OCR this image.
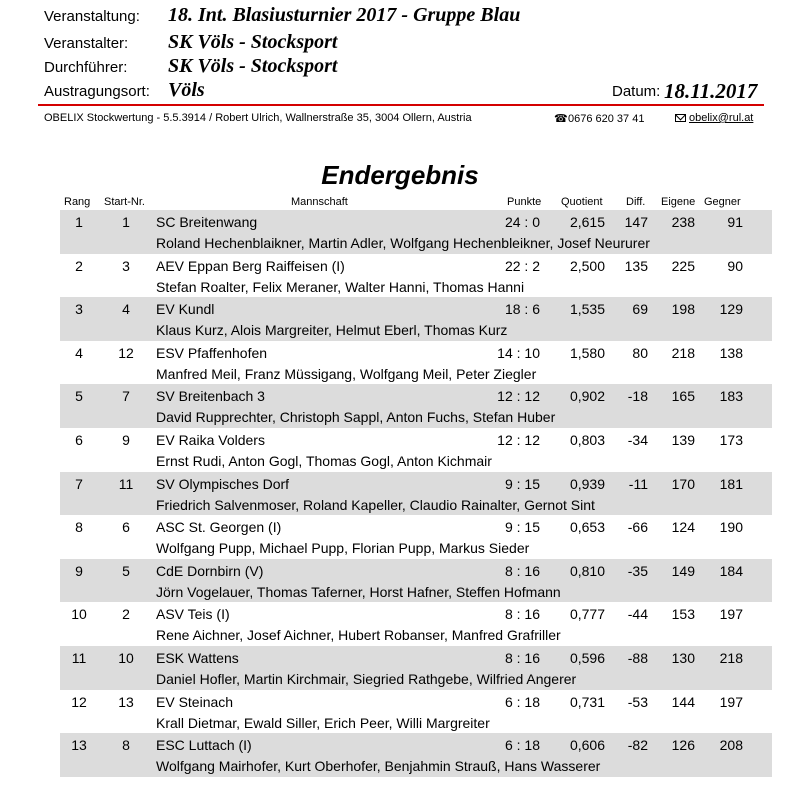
Veranstaltung: 18. Int. Blasiusturnier 2017 - Gruppe Blau
Veranstalter: SK Völs - Stocksport
Durchführer: SK Völs - Stocksport
Austragungsort: Völs	Datum: 18.11.2017
OBELIX Stockwertung - 5.5.3914 / Robert Ulrich, Wallnerstraße 35, 3004 Ollern, Austria	☎0676 620 37 41	obelix@rul.at
Endergebnis
Rang Start-Nr.	Mannschaft	Punkte Quotient Diff. Eigene Gegner
1	1	SC Breitenwang	24 : 0 2,615 147 238 91
Roland Hechenblaikner, Martin Adler, Wolfgang Hechenbleikner, Josef Neururer
2	3	AEV Eppan Berg Raiffeisen (I)	22 : 2 2,500 135 225 90
Stefan Roalter, Felix Meraner, Walter Hanni, Thomas Hanni
3	4	EV Kundl	18 : 6 1,535 69 198 129
Klaus Kurz, Alois Margreiter, Helmut Eberl, Thomas Kurz
4	12	ESV Pfaffenhofen	14 : 10 1,580 80 218 138
Manfred Meil, Franz Müssigang, Wolfgang Meil, Peter Ziegler
5	7	SV Breitenbach 3	12 : 12 0,902 -18 165 183
David Rupprechter, Christoph Sappl, Anton Fuchs, Stefan Huber
6	9	EV Raika Volders	12 : 12 0,803 -34 139 173
Ernst Rudi, Anton Gogl, Thomas Gogl, Anton Kichmair
7	11	SV Olympisches Dorf	9 : 15 0,939 -11 170 181
Friedrich Salvenmoser, Roland Kapeller, Claudio Rainalter, Gernot Sint
8	6	ASC St. Georgen (I)	9 : 15 0,653 -66 124 190
Wolfgang Pupp, Michael Pupp, Florian Pupp, Markus Sieder
9	5	CdE Dornbirn (V)	8 : 16 0,810 -35 149 184
Jörn Vogelauer, Thomas Taferner, Horst Hafner, Steffen Hofmann
10	2	ASV Teis (I)	8 : 16 0,777 -44 153 197
Rene Aichner, Josef Aichner, Hubert Robanser, Manfred Grafriller
11	10	ESK Wattens	8 : 16 0,596 -88 130 218
Daniel Hofler, Martin Kirchmair, Siegried Rathgebe, Wilfried Angerer
12	13	EV Steinach	6 : 18 0,731 -53 144 197
Krall Dietmar, Ewald Siller, Erich Peer, Willi Margreiter
13	8	ESC Luttach (I)	6 : 18 0,606 -82 126 208
Wolfgang Mairhofer, Kurt Oberhofer, Benjahmin Strauß, Hans Wasserer
